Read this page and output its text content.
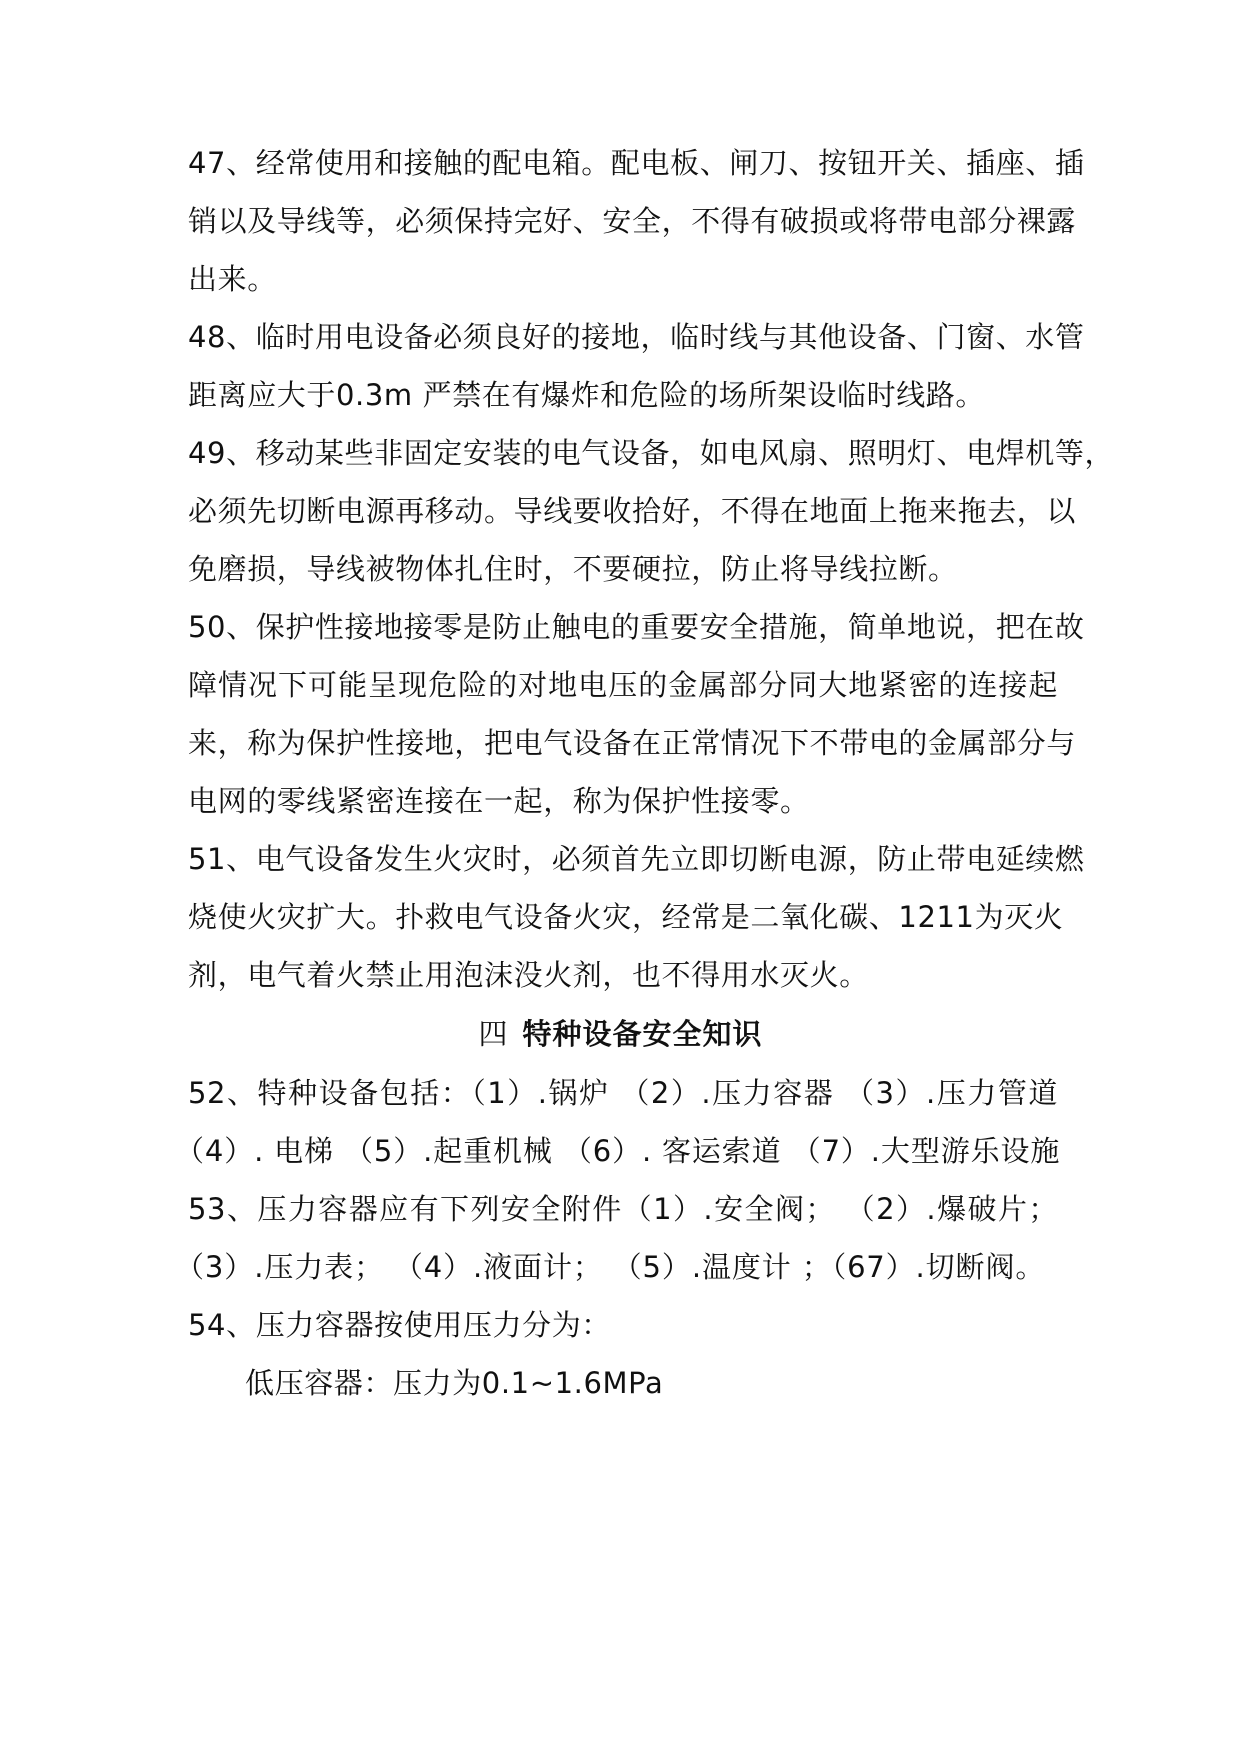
47、经常使用和接触的配电箱。配电板、闸刀、按钮开关、插座、插
销以及导线等，必须保持完好、安全，不得有破损或将带电部分裸露
出来。
48、临时用电设备必须良好的接地，临时线与其他设备、门窗、水管
距离应大于0.3m 严禁在有爆炸和危险的场所架设临时线路。
49、移动某些非固定安装的电气设备，如电风扇、照明灯、电焊机等，
必须先切断电源再移动。导线要收拾好，不得在地面上拖来拖去，以
免磨损，导线被物体扎住时，不要硬拉，防止将导线拉断。
50、保护性接地接零是防止触电的重要安全措施，简单地说，把在故
障情况下可能呈现危险的对地电压的金属部分同大地紧密的连接起
来，称为保护性接地，把电气设备在正常情况下不带电的金属部分与
电网的零线紧密连接在一起，称为保护性接零。
51、电气设备发生火灾时，必须首先立即切断电源，防止带电延续燃
烧使火灾扩大。扑救电气设备火灾，经常是二氧化碳、1211为灭火
剂，电气着火禁止用泡沫没火剂，也不得用水灭火。
四 特种设备安全知识
52、特种设备包括：（1）.锅炉 （2）.压力容器 （3）.压力管道
（4）. 电梯 （5）.起重机械 （6）. 客运索道 （7）.大型游乐设施
53、压力容器应有下列安全附件（1）.安全阀； （2）.爆破片；
（3）.压力表； （4）.液面计； （5）.温度计 ；（67）.切断阀。
54、压力容器按使用压力分为：
低压容器：压力为0.1~1.6MPa
